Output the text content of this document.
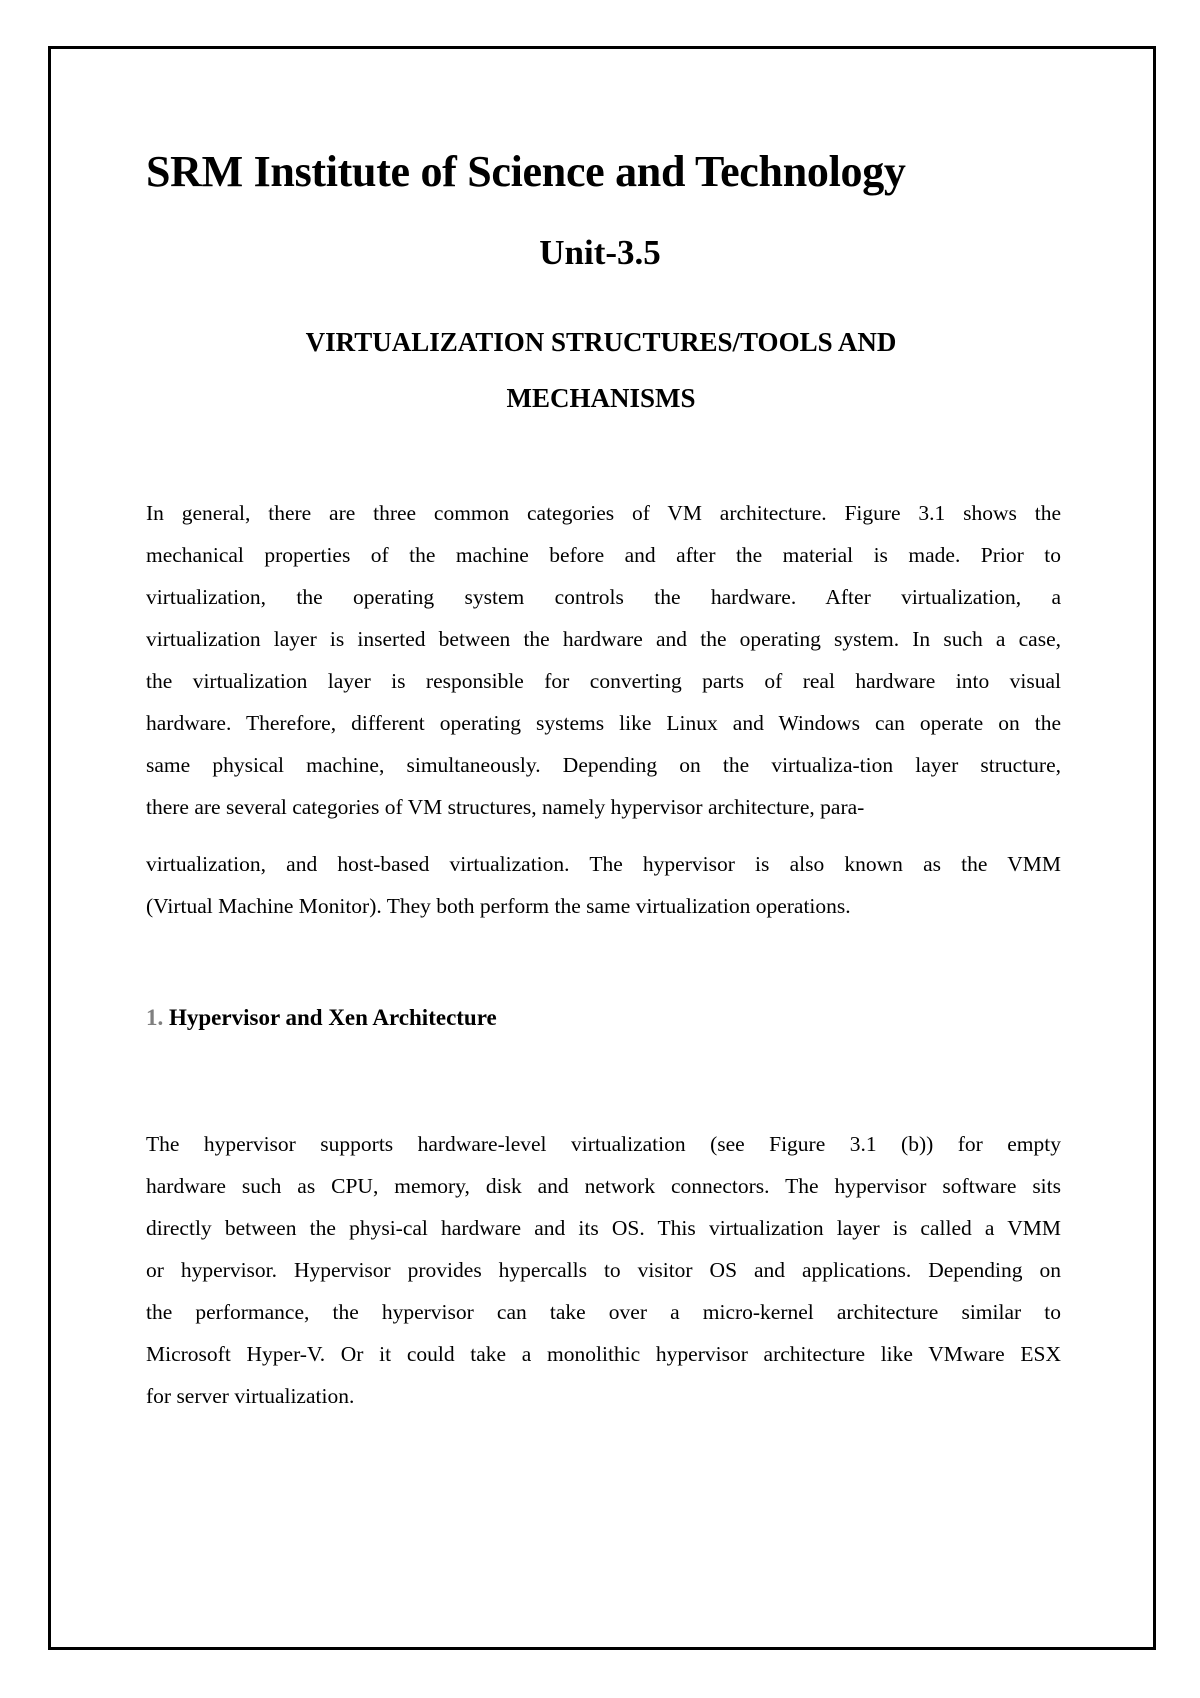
SRM Institute of Science and Technology
Unit-3.5
VIRTUALIZATION STRUCTURES/TOOLS AND
MECHANISMS
In general, there are three common categories of VM architecture. Figure 3.1 shows the
mechanical properties of the machine before and after the material is made. Prior to
virtualization, the operating system controls the hardware. After virtualization, a
virtualization layer is inserted between the hardware and the operating system. In such a case,
the virtualization layer is responsible for converting parts of real hardware into visual
hardware. Therefore, different operating systems like Linux and Windows can operate on the
same physical machine, simultaneously. Depending on the virtualiza-tion layer structure,
there are several categories of VM structures, namely hypervisor architecture, para-
virtualization, and host-based virtualization. The hypervisor is also known as the VMM
(Virtual Machine Monitor). They both perform the same virtualization operations.
1. Hypervisor and Xen Architecture
The hypervisor supports hardware-level virtualization (see Figure 3.1 (b)) for empty
hardware such as CPU, memory, disk and network connectors. The hypervisor software sits
directly between the physi-cal hardware and its OS. This virtualization layer is called a VMM
or hypervisor. Hypervisor provides hypercalls to visitor OS and applications. Depending on
the performance, the hypervisor can take over a micro-kernel architecture similar to
Microsoft Hyper-V. Or it could take a monolithic hypervisor architecture like VMware ESX
for server virtualization.
